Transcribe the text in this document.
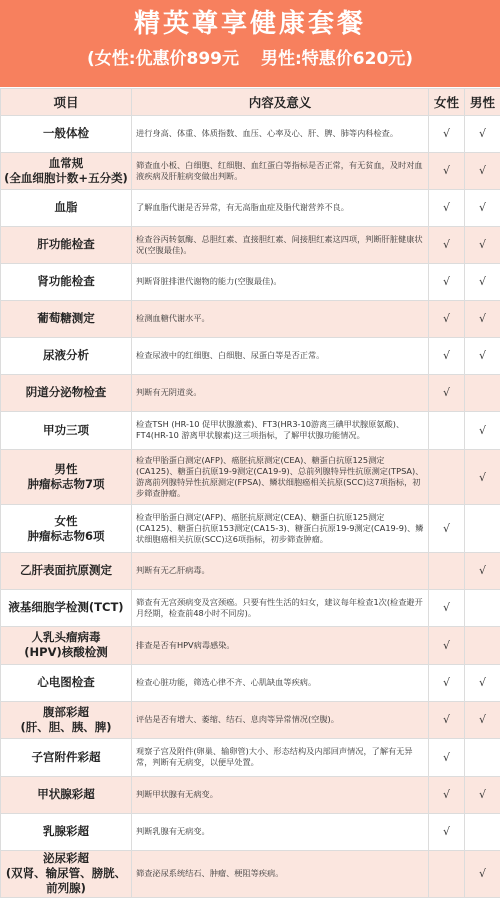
精英尊享健康套餐
(女性:优惠价899元 男性:特惠价620元)
项目	内容及意义	女性	男性
一般体检	进行身高、体重、体质指数、血压、心率及心、肝、脾、肺等内科检查。	√	√
血常规
(全血细胞计数+五分类)	筛查血小板、白细胞、红细胞、血红蛋白等指标是否正常，有无贫血，及时对血液疾病及肝脏病变做出判断。	√	√
血脂	了解血脂代谢是否异常，有无高脂血症及脂代谢营养不良。	√	√
肝功能检查	检查谷丙转氨酶、总胆红素、直接胆红素、间接胆红素这四项，判断肝脏健康状况(空腹最佳)。	√	√
肾功能检查	判断肾脏排泄代谢物的能力(空腹最佳)。	√	√
葡萄糖测定	检测血糖代谢水平。	√	√
尿液分析	检查尿液中的红细胞、白细胞、尿蛋白等是否正常。	√	√
阴道分泌物检查	判断有无阴道炎。	√	
甲功三项	检查TSH (HR-10 促甲状腺激素)、FT3(HR3-10游离三碘甲状腺原氨酸)、FT4(HR-10 游离甲状腺素)这三项指标，了解甲状腺功能情况。		√
男性
肿瘤标志物7项	检查甲胎蛋白测定(AFP)、癌胚抗原测定(CEA)、糖蛋白抗原125测定(CA125)、糖蛋白抗原19-9测定(CA19-9)、总前列腺特异性抗原测定(TPSA)、游离前列腺特异性抗原测定(FPSA)、鳞状细胞癌相关抗原(SCC)这7项指标，初步筛查肿瘤。		√
女性
肿瘤标志物6项	检查甲胎蛋白测定(AFP)、癌胚抗原测定(CEA)、糖蛋白抗原125测定(CA125)、糖蛋白抗原153测定(CA15-3)、糖蛋白抗原19-9测定(CA19-9)、鳞状细胞癌相关抗原(SCC)这6项指标，初步筛查肿瘤。	√	
乙肝表面抗原测定	判断有无乙肝病毒。		√
液基细胞学检测(TCT)	筛查有无宫颈病变及宫颈癌。只要有性生活的妇女，建议每年检查1次(检查避开月经期，检查前48小时不同房)。	√	
人乳头瘤病毒
(HPV)核酸检测	排查是否有HPV病毒感染。	√	
心电图检查	检查心脏功能，筛选心律不齐、心肌缺血等疾病。	√	√
腹部彩超
(肝、胆、胰、脾)	评估是否有增大、萎缩、结石、息肉等异常情况(空腹)。	√	√
子宫附件彩超	观察子宫及附件(卵巢、输卵管)大小、形态结构及内部回声情况，了解有无异常，判断有无病变，以便早处置。	√	
甲状腺彩超	判断甲状腺有无病变。	√	√
乳腺彩超	判断乳腺有无病变。	√	
泌尿彩超
(双肾、输尿管、膀胱、前列腺)	筛查泌尿系统结石、肿瘤、梗阻等疾病。		√
